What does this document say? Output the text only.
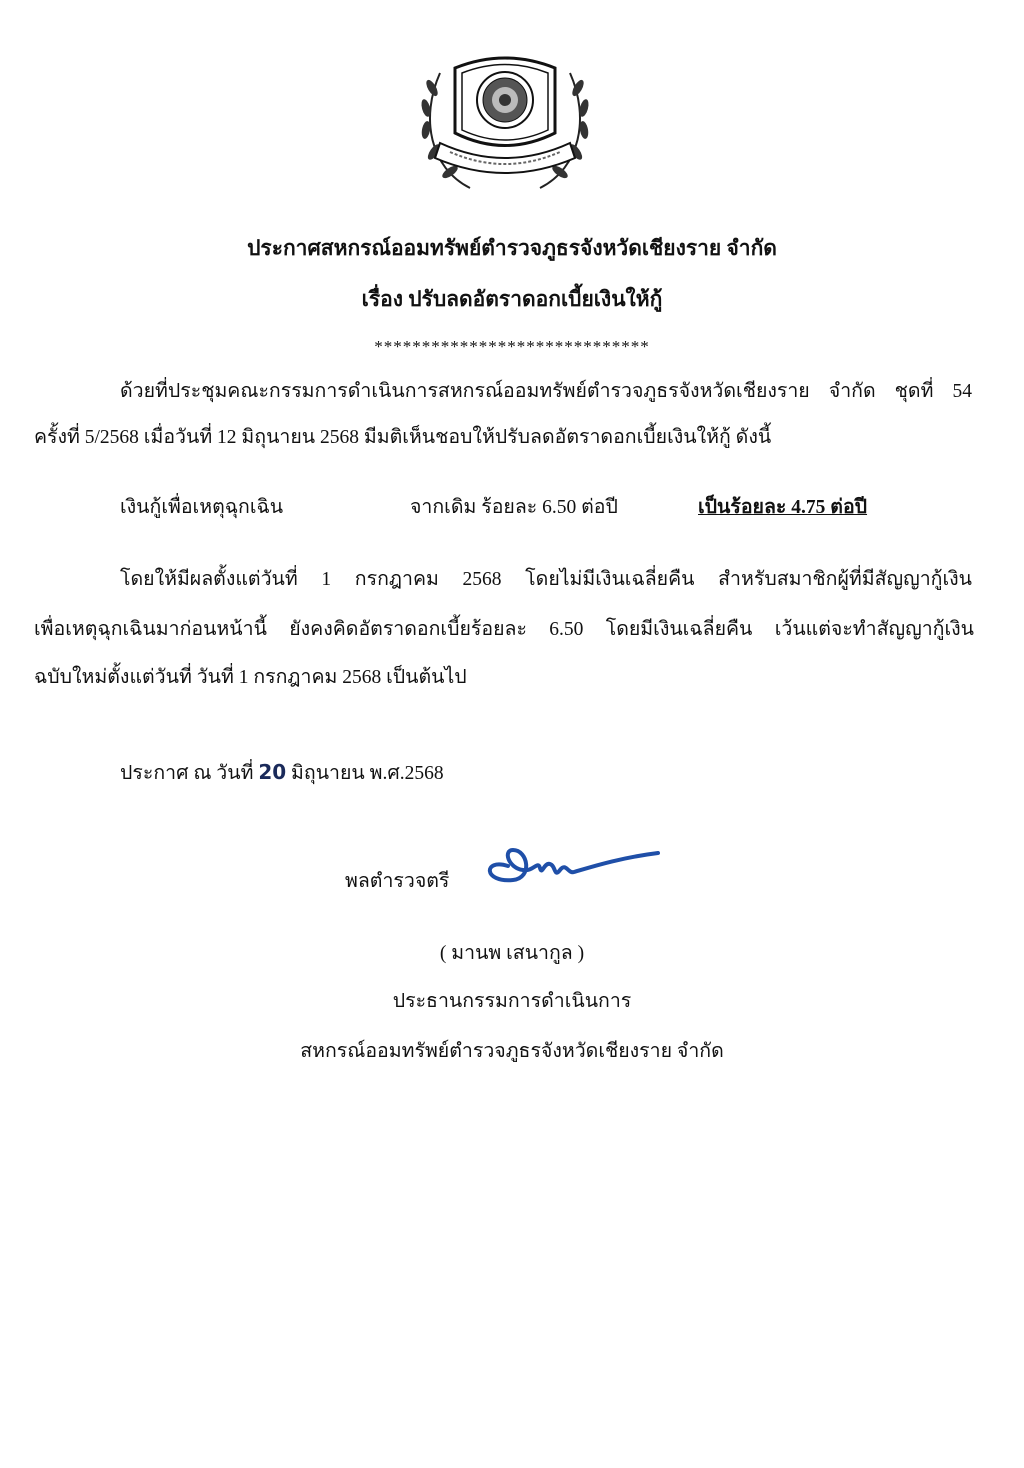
ประกาศสหกรณ์ออมทรัพย์ตำรวจภูธรจังหวัดเชียงราย จำกัด
เรื่อง ปรับลดอัตราดอกเบี้ยเงินให้กู้
*****************************
ด้วยที่ประชุมคณะกรรมการดำเนินการสหกรณ์ออมทรัพย์ตำรวจภูธรจังหวัดเชียงราย จำกัด ชุดที่ 54
ครั้งที่ 5/2568 เมื่อวันที่ 12 มิถุนายน 2568 มีมติเห็นชอบให้ปรับลดอัตราดอกเบี้ยเงินให้กู้ ดังนี้
เงินกู้เพื่อเหตุฉุกเฉิน	จากเดิม ร้อยละ 6.50 ต่อปี	เป็นร้อยละ 4.75 ต่อปี
โดยให้มีผลตั้งแต่วันที่ 1 กรกฎาคม 2568 โดยไม่มีเงินเฉลี่ยคืน สำหรับสมาชิกผู้ที่มีสัญญากู้เงิน
เพื่อเหตุฉุกเฉินมาก่อนหน้านี้ ยังคงคิดอัตราดอกเบี้ยร้อยละ 6.50 โดยมีเงินเฉลี่ยคืน เว้นแต่จะทำสัญญากู้เงิน
ฉบับใหม่ตั้งแต่วันที่ วันที่ 1 กรกฎาคม 2568 เป็นต้นไป
ประกาศ ณ วันที่ 20 มิถุนายน พ.ศ.2568
พลตำรวจตรี
( มานพ เสนากูล )
ประธานกรรมการดำเนินการ
สหกรณ์ออมทรัพย์ตำรวจภูธรจังหวัดเชียงราย จำกัด
